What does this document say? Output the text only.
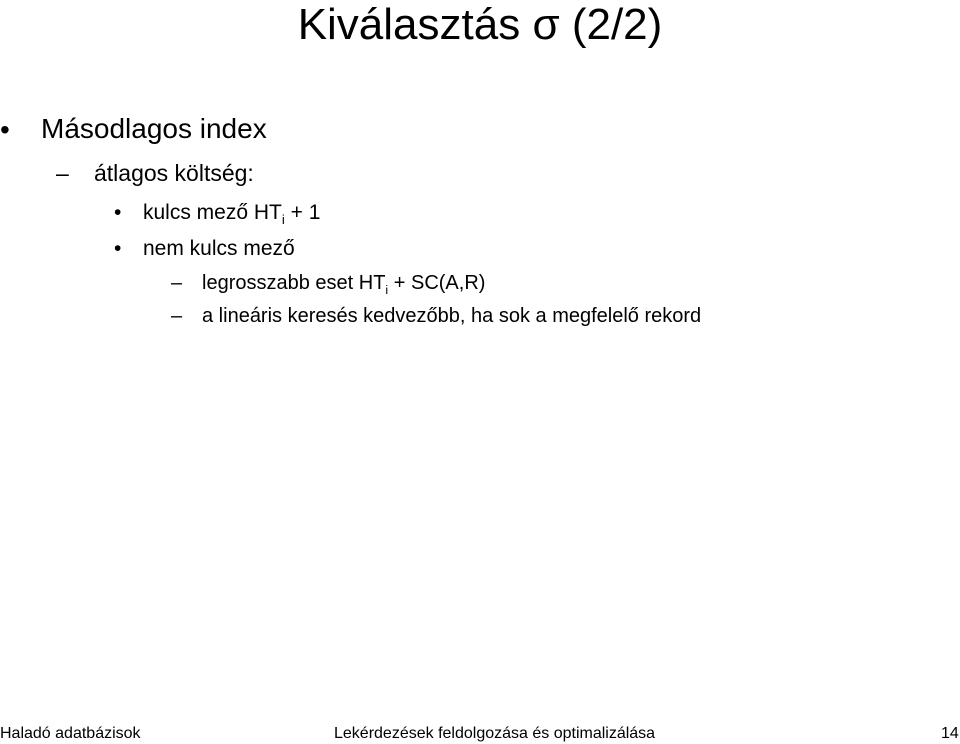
Kiválasztás σ (2/2)
• Másodlagos index
– átlagos költség:
• kulcs mező $HT_i + 1$
• nem kulcs mező
– legrosszabb eset $HT_i + SC(A,R)$
– a lineáris keresés kedvezőbb, ha sok a megfelelő rekord
Haladó adatbázisok	Lekérdezések feldolgozása és optimalizálása	14
